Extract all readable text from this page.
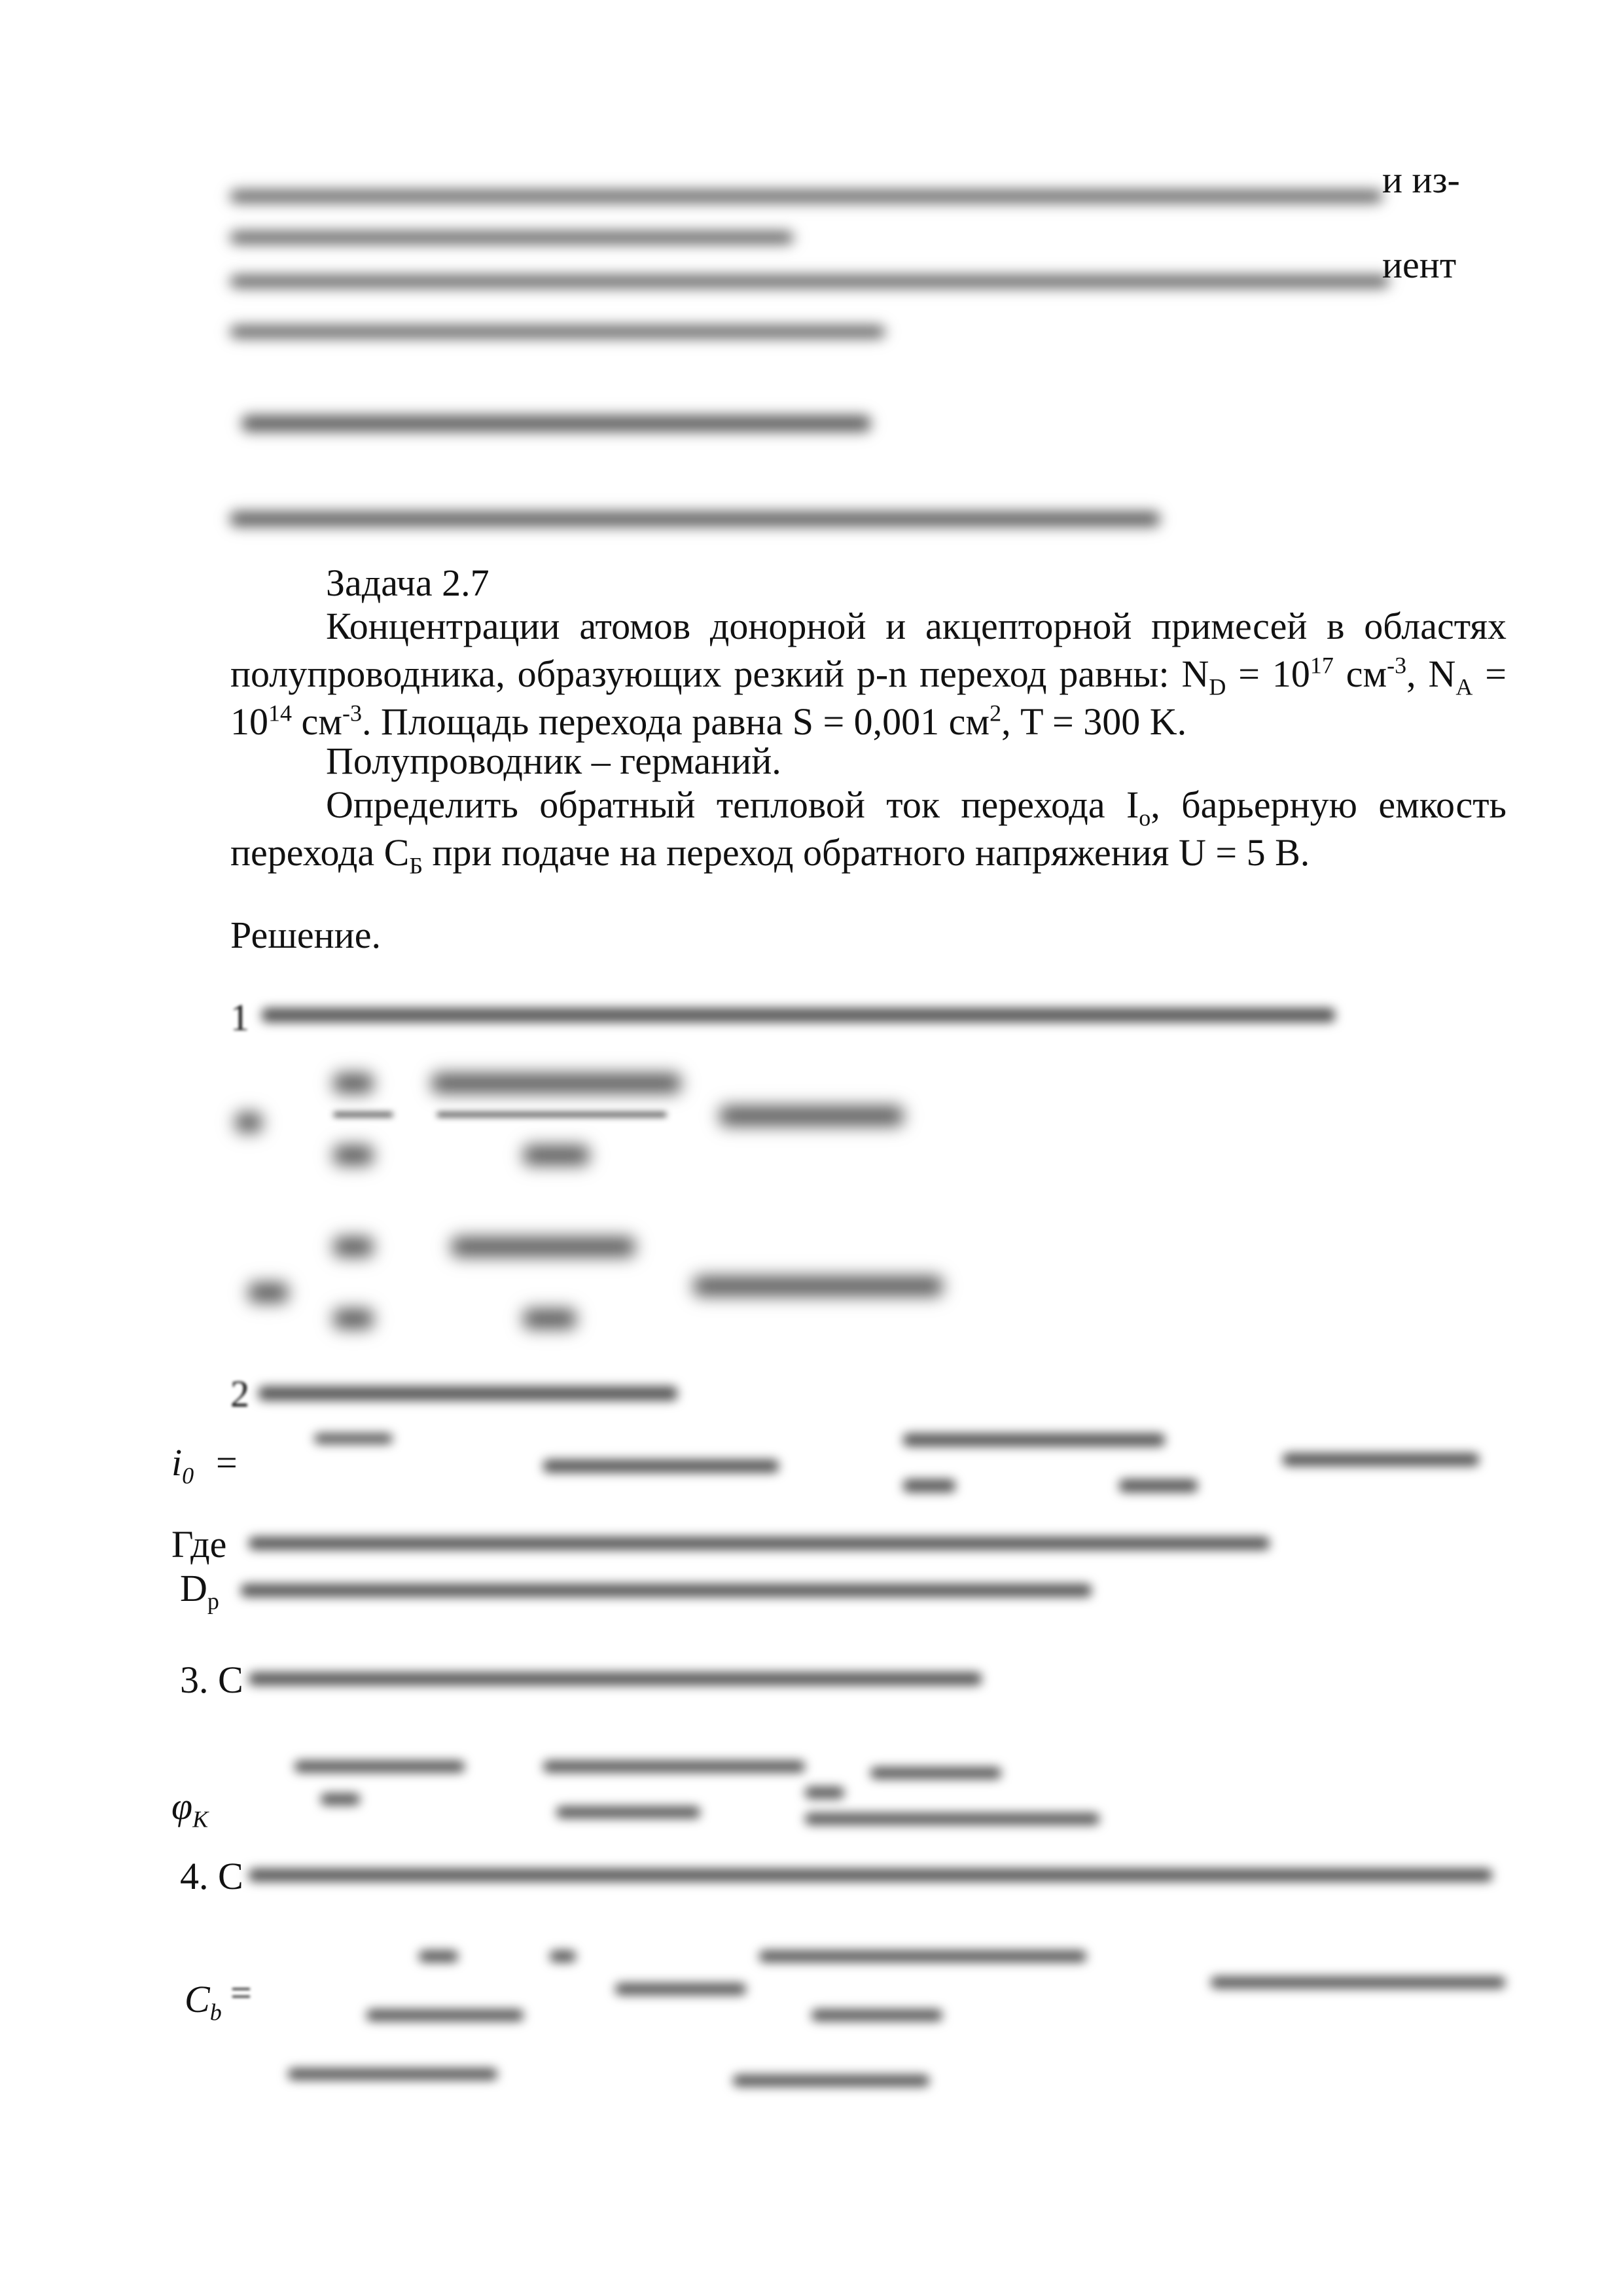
и из-
иент
Задача 2.7
Концентрации атомов донорной и акцепторной примесей в областях полупроводника, образующих резкий p-n переход равны: $N_D = 10^{17}$ $см^{-3}$, $N_A = 10^{14}$ $см^{-3}$. Площадь перехода равна S = 0,001 $см^2$, T = 300 K.
Полупроводник – германий.
Определить обратный тепловой ток перехода $I_o$, барьерную емкость перехода $C_Б$ при подаче на переход обратного напряжения U = 5 В.
Решение.
1
2
$i_0$ =
Где
$D_p$
3. C
$\varphi_K$
4. C
$C_b$ =
